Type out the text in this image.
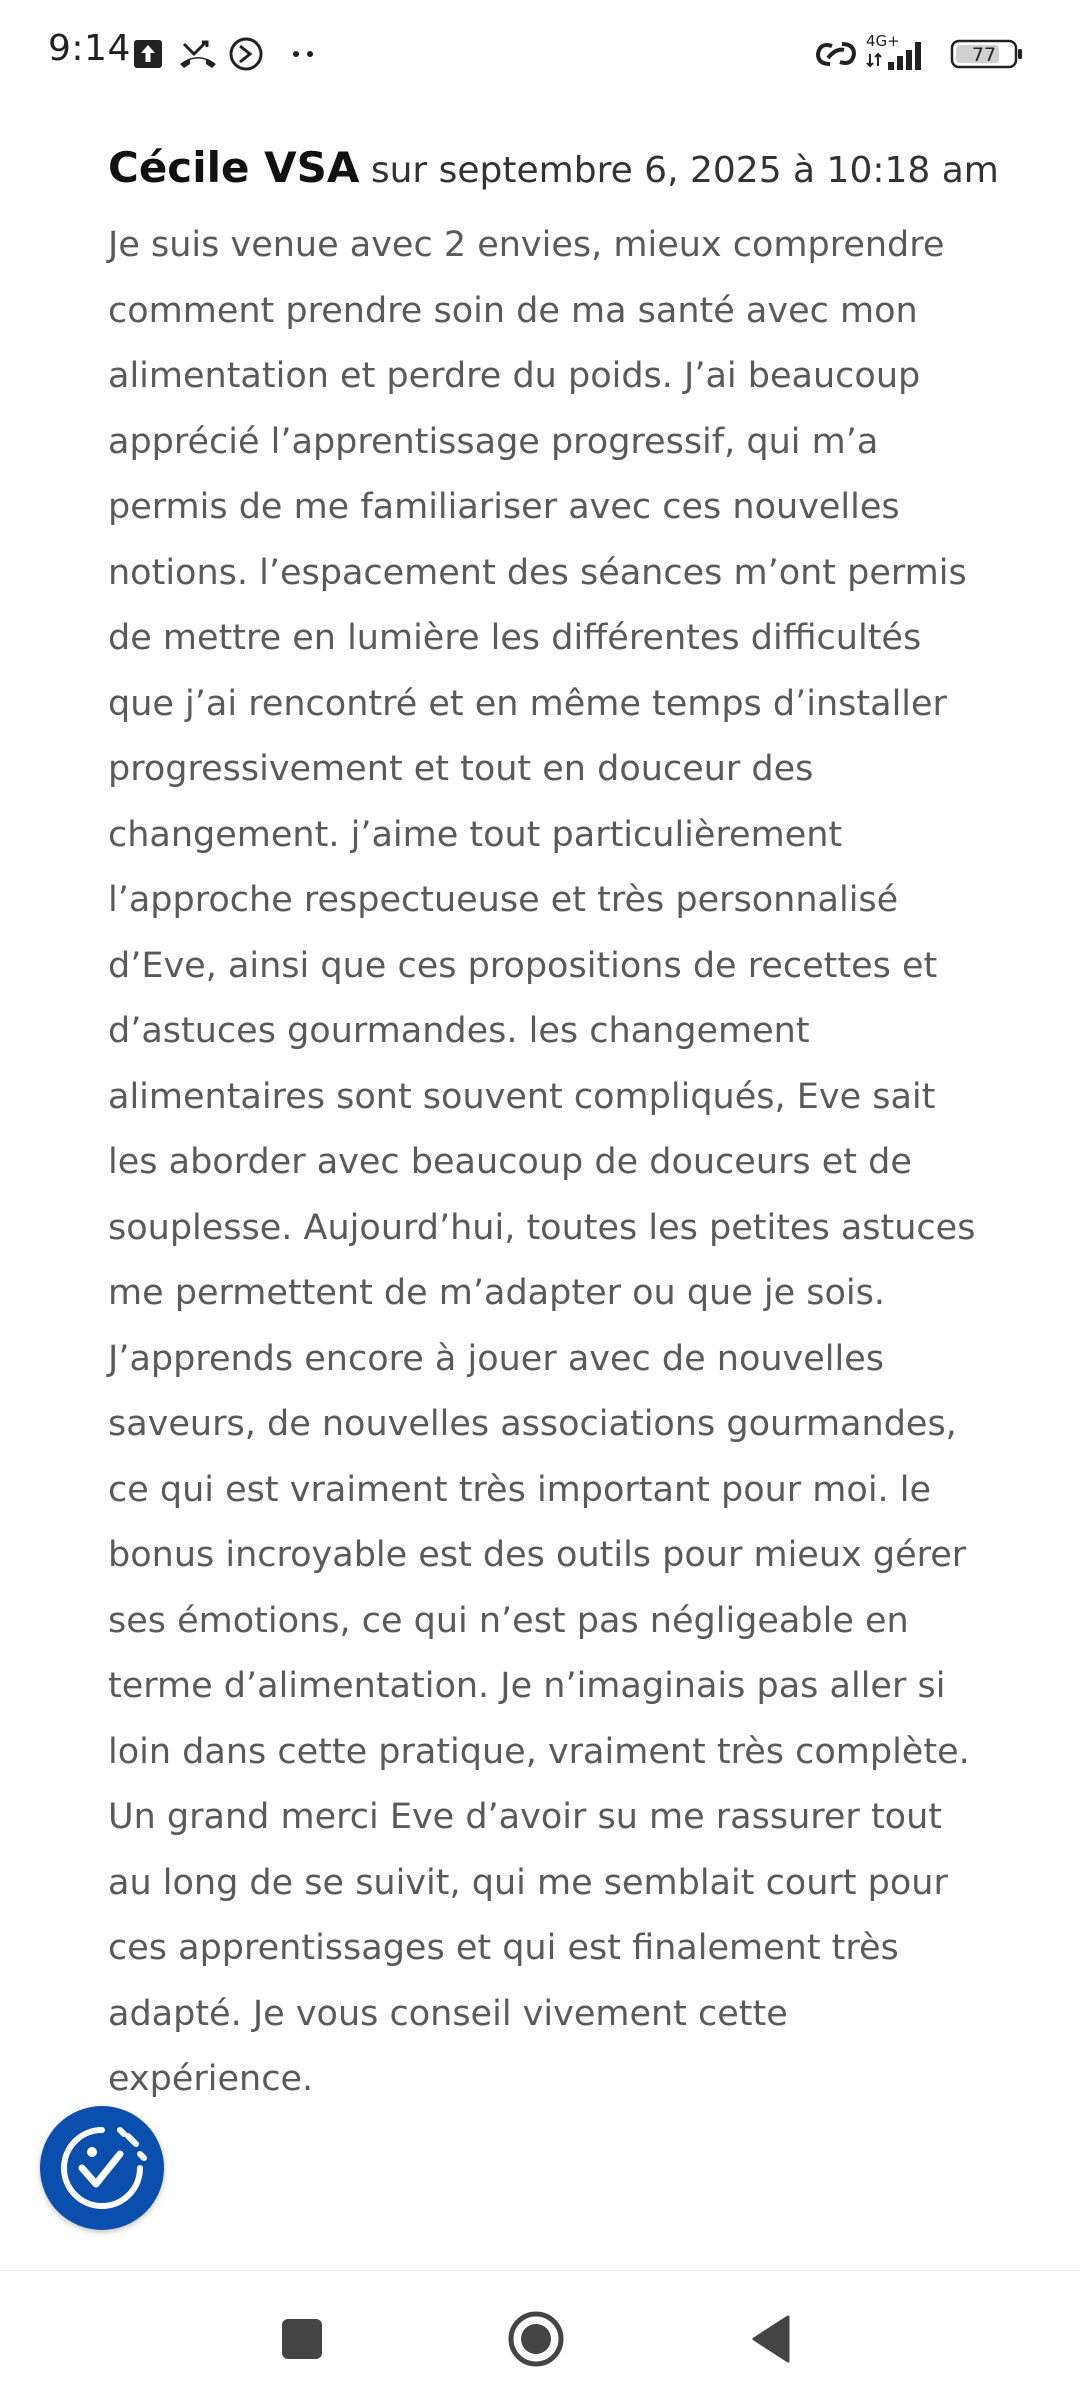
9:14	4G+
77
Cécile VSA sur septembre 6, 2025 à 10:18 am
Je suis venue avec 2 envies, mieux comprendre comment prendre soin de ma santé avec mon alimentation et perdre du poids. J’ai beaucoup apprécié l’apprentissage progressif, qui m’a permis de me familiariser avec ces nouvelles notions. l’espacement des séances m’ont permis de mettre en lumière les différentes difficultés que j’ai rencontré et en même temps d’installer progressivement et tout en douceur des changement. j’aime tout particulièrement l’approche respectueuse et très personnalisé d’Eve, ainsi que ces propositions de recettes et d’astuces gourmandes. les changement alimentaires sont souvent compliqués, Eve sait les aborder avec beaucoup de douceurs et de souplesse. Aujourd’hui, toutes les petites astuces me permettent de m’adapter ou que je sois. J’apprends encore à jouer avec de nouvelles saveurs, de nouvelles associations gourmandes, ce qui est vraiment très important pour moi. le bonus incroyable est des outils pour mieux gérer ses émotions, ce qui n’est pas négligeable en terme d’alimentation. Je n’imaginais pas aller si loin dans cette pratique, vraiment très complète. Un grand merci Eve d’avoir su me rassurer tout au long de se suivit, qui me semblait court pour ces apprentissages et qui est finalement très adapté. Je vous conseil vivement cette expérience.
